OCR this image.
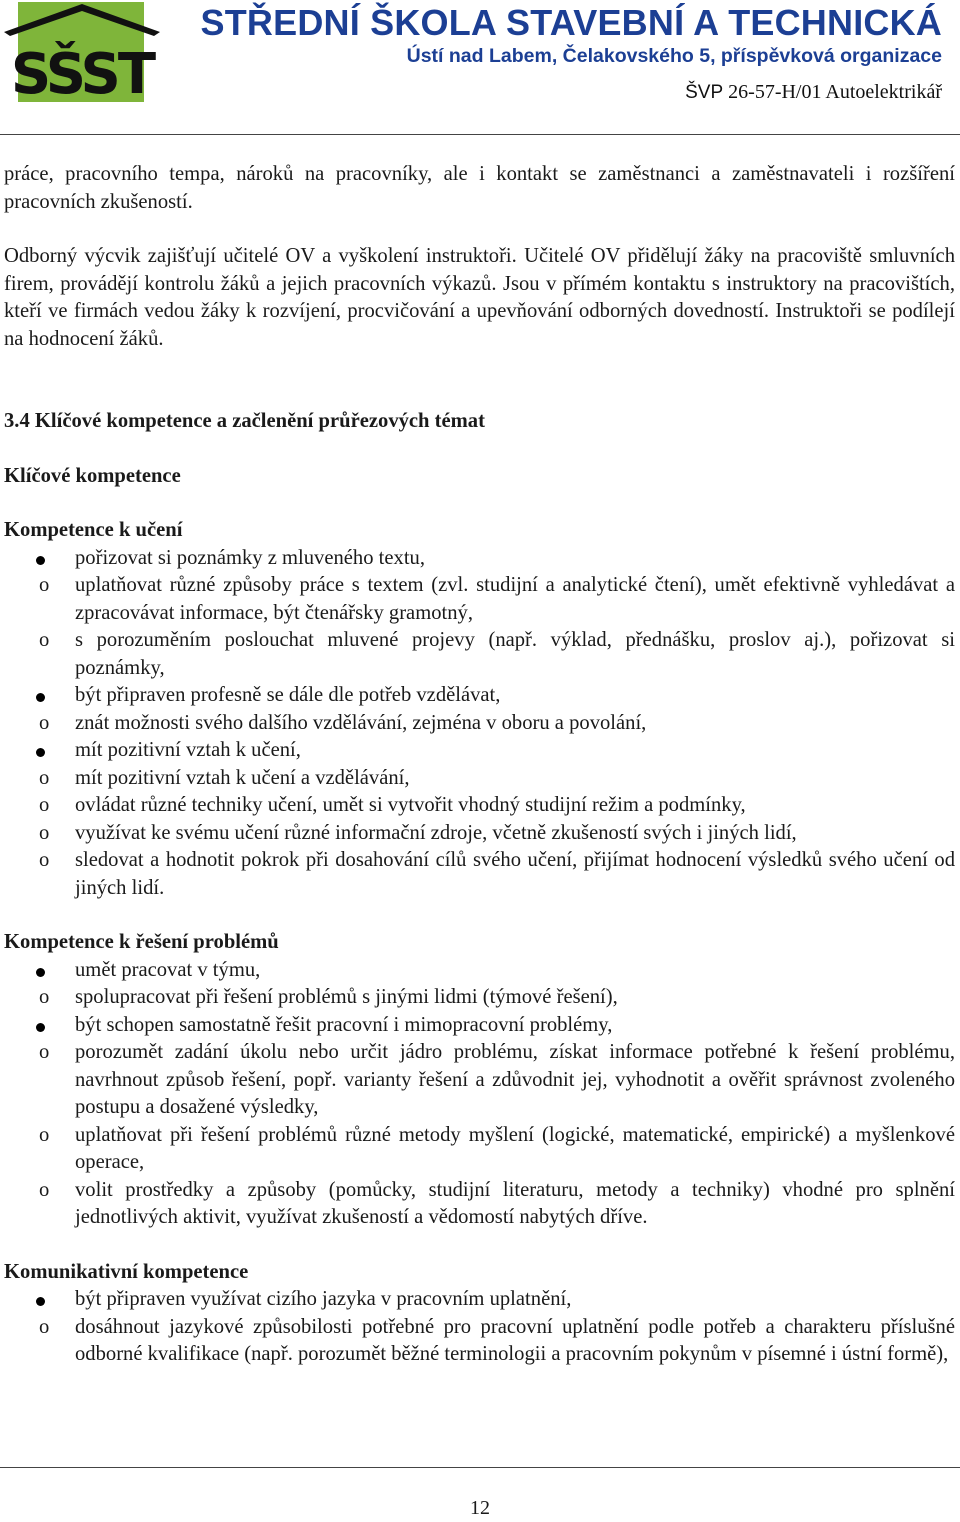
SŠST
STŘEDNÍ ŠKOLA STAVEBNÍ A TECHNICKÁ
Ústí nad Labem, Čelakovského 5, příspěvková organizace
ŠVP 26-57-H/01 Autoelektrikář

práce, pracovního tempa, nároků na pracovníky, ale i kontakt se zaměstnanci a zaměstnavateli i rozšíření pracovních zkušeností.

Odborný výcvik zajišťují učitelé OV a vyškolení instruktoři. Učitelé OV přidělují žáky na pracoviště smluvních firem, provádějí kontrolu žáků a jejich pracovních výkazů. Jsou v přímém kontaktu s instruktory na pracovištích, kteří ve firmách vedou žáky k rozvíjení, procvičování a upevňování odborných dovedností. Instruktoři se podílejí na hodnocení žáků.

3.4 Klíčové kompetence a začlenění průřezových témat

Klíčové kompetence

Kompetence k učení

pořizovat si poznámky z mluveného textu,
o uplatňovat různé způsoby práce s textem (zvl. studijní a analytické čtení), umět efektivně vyhledávat a zpracovávat informace, být čtenářsky gramotný,
o s porozuměním poslouchat mluvené projevy (např. výklad, přednášku, proslov aj.), pořizovat si poznámky,
být připraven profesně se dále dle potřeb vzdělávat,
o znát možnosti svého dalšího vzdělávání, zejména v oboru a povolání,
mít pozitivní vztah k učení,
o mít pozitivní vztah k učení a vzdělávání,
o ovládat různé techniky učení, umět si vytvořit vhodný studijní režim a podmínky,
o využívat ke svému učení různé informační zdroje, včetně zkušeností svých i jiných lidí,
o sledovat a hodnotit pokrok při dosahování cílů svého učení, přijímat hodnocení výsledků svého učení od jiných lidí.

Kompetence k řešení problémů

umět pracovat v týmu,
o spolupracovat při řešení problémů s jinými lidmi (týmové řešení),
být schopen samostatně řešit pracovní i mimopracovní problémy,
o porozumět zadání úkolu nebo určit jádro problému, získat informace potřebné k řešení problému, navrhnout způsob řešení, popř. varianty řešení a zdůvodnit jej, vyhodnotit a ověřit správnost zvoleného postupu a dosažené výsledky,
o uplatňovat při řešení problémů různé metody myšlení (logické, matematické, empirické) a myšlenkové operace,
o volit prostředky a způsoby (pomůcky, studijní literaturu, metody a techniky) vhodné pro splnění jednotlivých aktivit, využívat zkušeností a vědomostí nabytých dříve.

Komunikativní kompetence

být připraven využívat cizího jazyka v pracovním uplatnění,
o dosáhnout jazykové způsobilosti potřebné pro pracovní uplatnění podle potřeb a charakteru příslušné odborné kvalifikace (např. porozumět běžné terminologii a pracovním pokynům v písemné i ústní formě),
12
